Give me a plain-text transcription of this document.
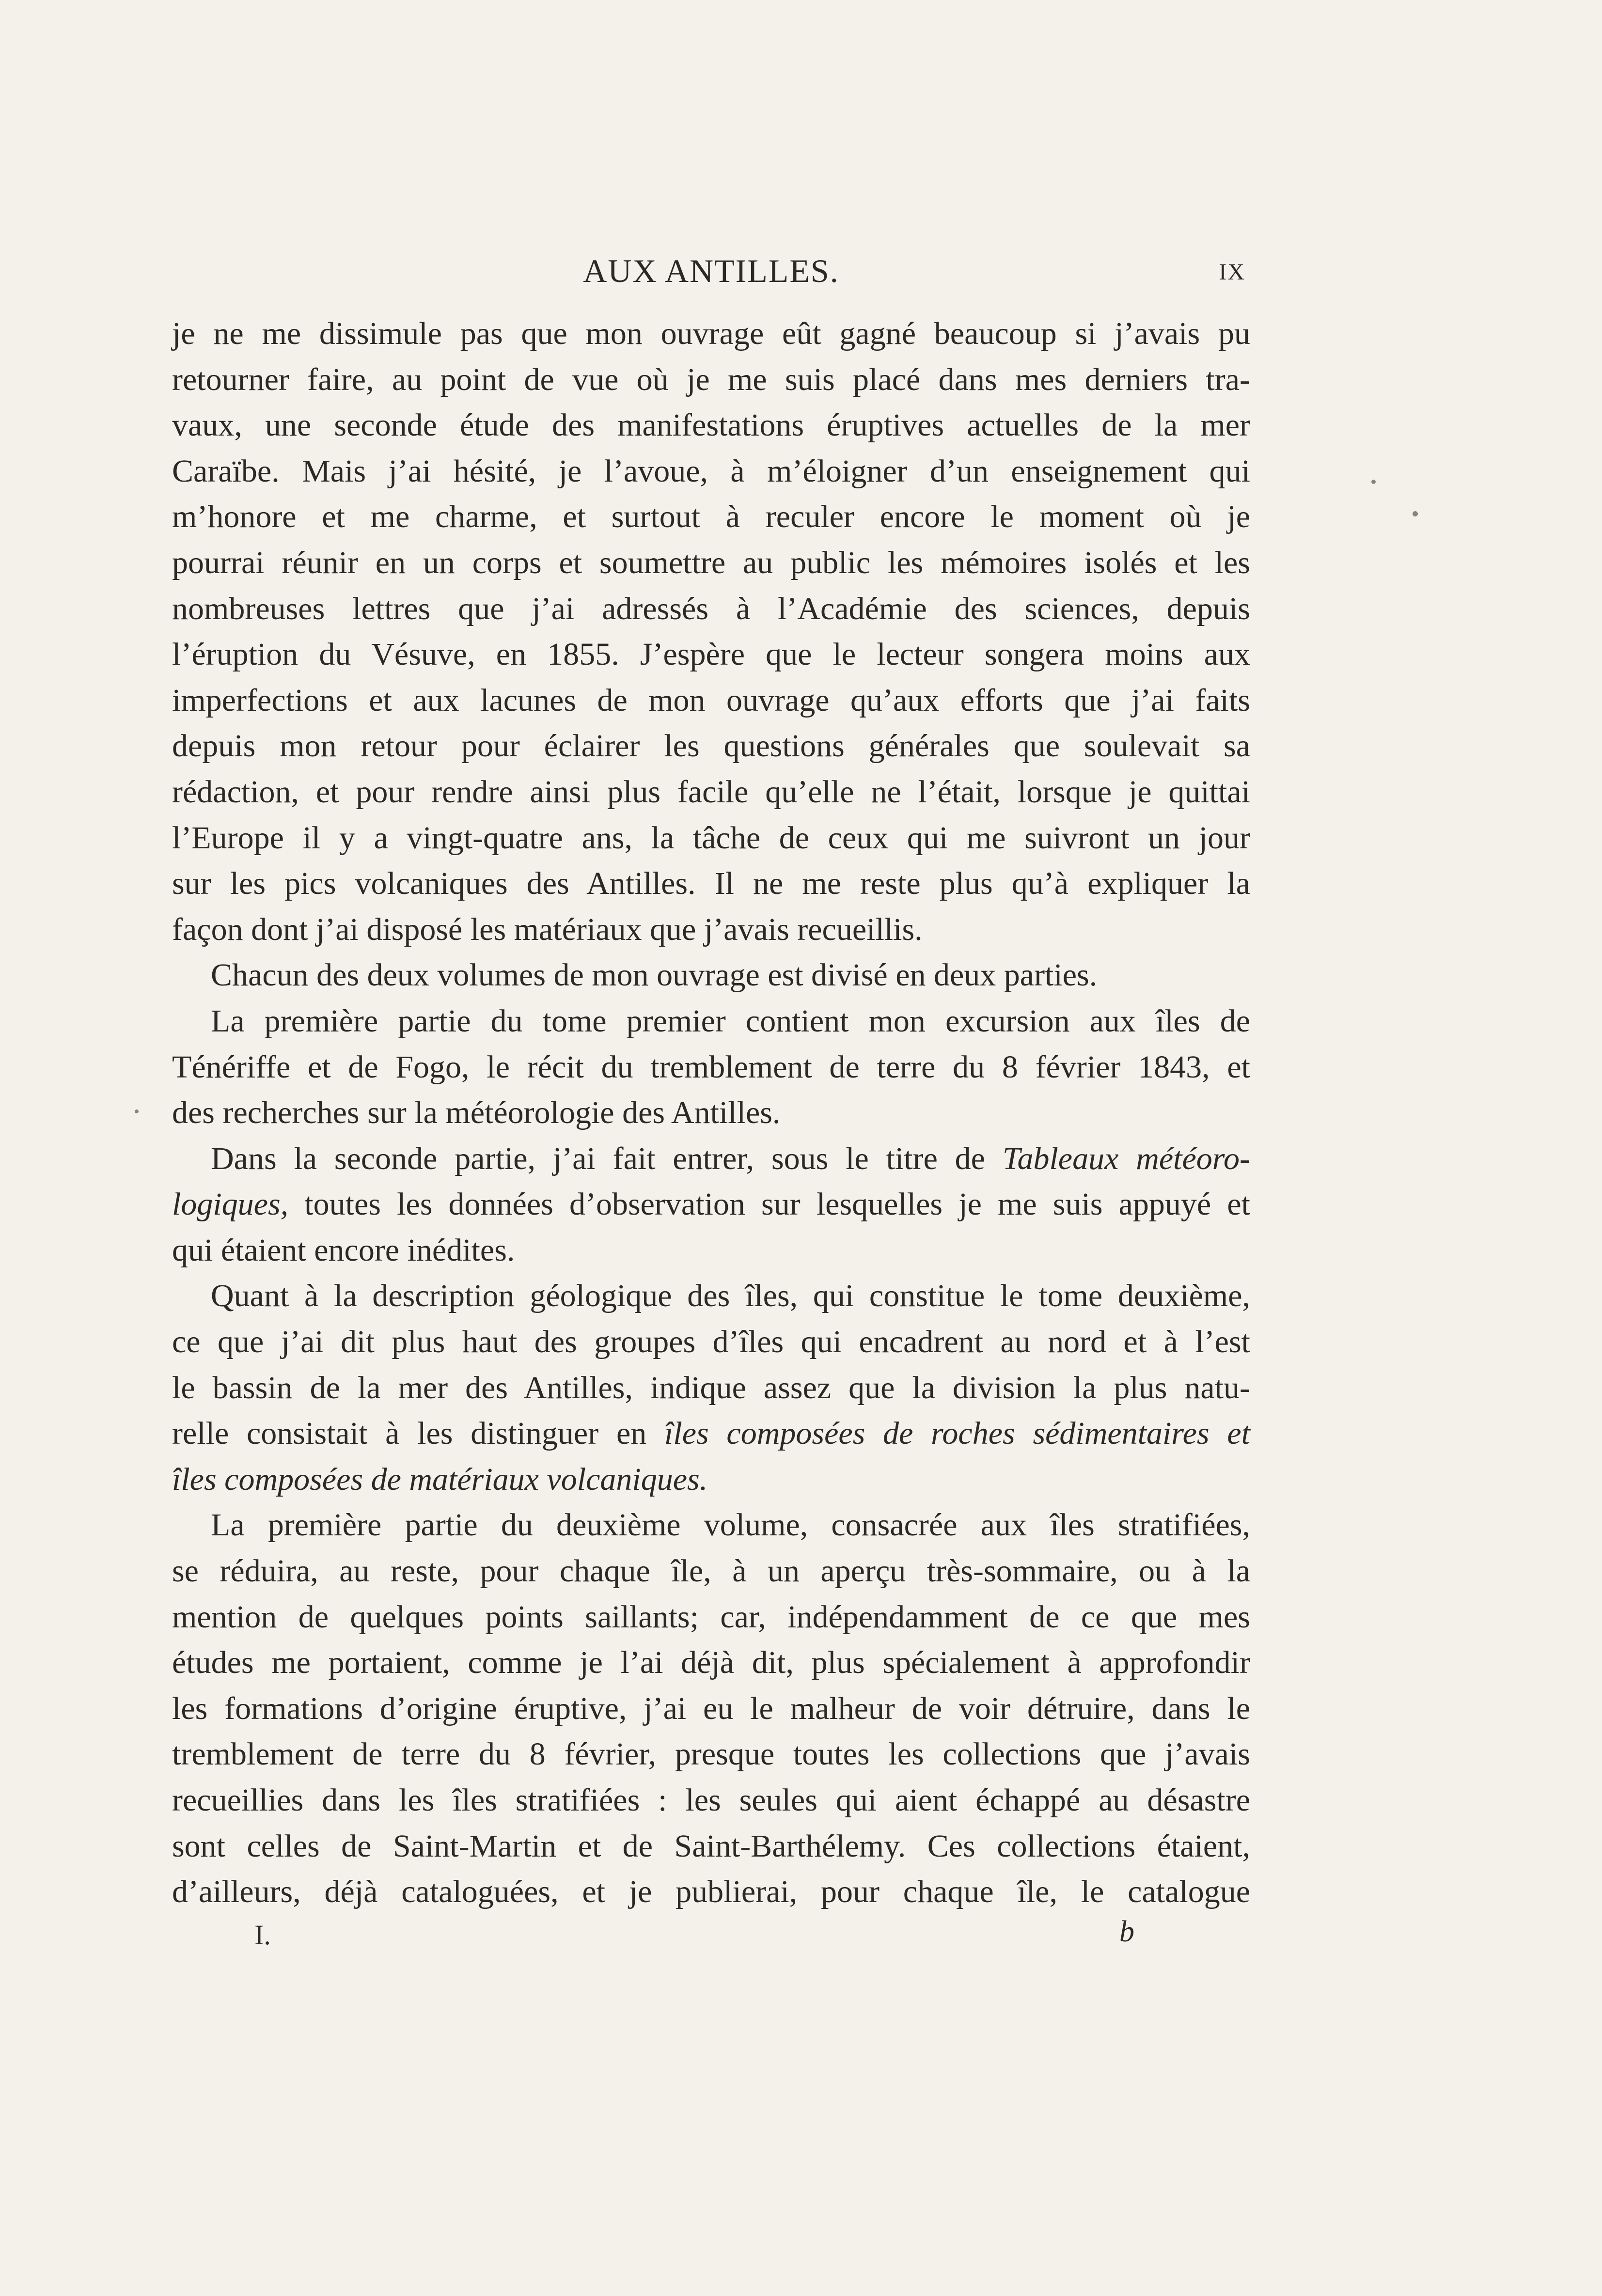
AUX ANTILLES.	IX
je ne me dissimule pas que mon ouvrage eût gagné beaucoup si j’avais pu
retourner faire, au point de vue où je me suis placé dans mes derniers tra-
vaux, une seconde étude des manifestations éruptives actuelles de la mer
Caraïbe. Mais j’ai hésité, je l’avoue, à m’éloigner d’un enseignement qui
m’honore et me charme, et surtout à reculer encore le moment où je
pourrai réunir en un corps et soumettre au public les mémoires isolés et les
nombreuses lettres que j’ai adressés à l’Académie des sciences, depuis
l’éruption du Vésuve, en 1855. J’espère que le lecteur songera moins aux
imperfections et aux lacunes de mon ouvrage qu’aux efforts que j’ai faits
depuis mon retour pour éclairer les questions générales que soulevait sa
rédaction, et pour rendre ainsi plus facile qu’elle ne l’était, lorsque je quittai
l’Europe il y a vingt-quatre ans, la tâche de ceux qui me suivront un jour
sur les pics volcaniques des Antilles. Il ne me reste plus qu’à expliquer la
façon dont j’ai disposé les matériaux que j’avais recueillis.
Chacun des deux volumes de mon ouvrage est divisé en deux parties.
La première partie du tome premier contient mon excursion aux îles de
Ténériffe et de Fogo, le récit du tremblement de terre du 8 février 1843, et
des recherches sur la météorologie des Antilles.
Dans la seconde partie, j’ai fait entrer, sous le titre de Tableaux météoro-
logiques, toutes les données d’observation sur lesquelles je me suis appuyé et
qui étaient encore inédites.
Quant à la description géologique des îles, qui constitue le tome deuxième,
ce que j’ai dit plus haut des groupes d’îles qui encadrent au nord et à l’est
le bassin de la mer des Antilles, indique assez que la division la plus natu-
relle consistait à les distinguer en îles composées de roches sédimentaires et
îles composées de matériaux volcaniques.
La première partie du deuxième volume, consacrée aux îles stratifiées,
se réduira, au reste, pour chaque île, à un aperçu très-sommaire, ou à la
mention de quelques points saillants; car, indépendamment de ce que mes
études me portaient, comme je l’ai déjà dit, plus spécialement à approfondir
les formations d’origine éruptive, j’ai eu le malheur de voir détruire, dans le
tremblement de terre du 8 février, presque toutes les collections que j’avais
recueillies dans les îles stratifiées : les seules qui aient échappé au désastre
sont celles de Saint-Martin et de Saint-Barthélemy. Ces collections étaient,
d’ailleurs, déjà cataloguées, et je publierai, pour chaque île, le catalogue
I.	b
